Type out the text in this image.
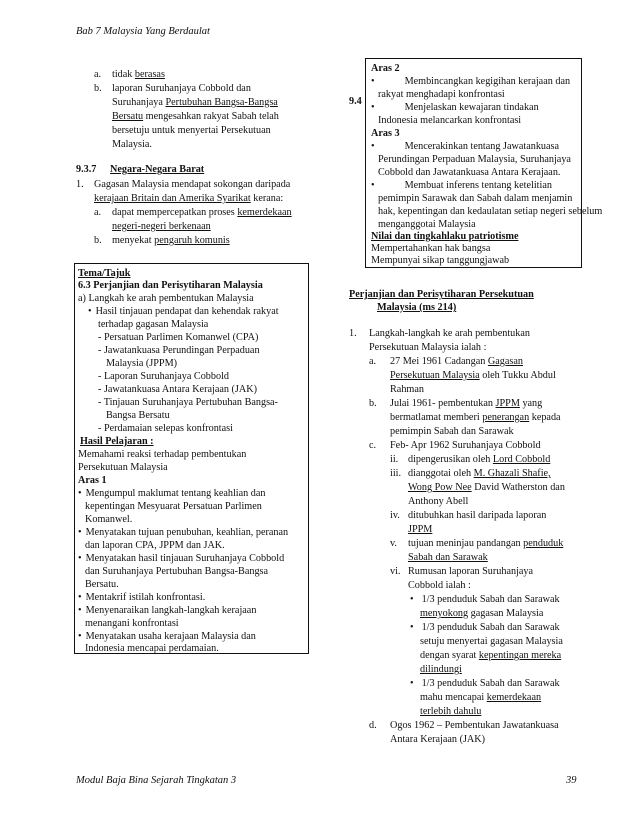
Bab 7 Malaysia Yang Berdaulat
a. tidak berasas
b. laporan Suruhanjaya Cobbold dan
Suruhanjaya Pertubuhan Bangsa-Bangsa
Bersatu mengesahkan rakyat Sabah telah
bersetuju untuk menyertai Persekutuan
Malaysia.
9.3.7 Negara-Negara Barat
1. Gagasan Malaysia mendapat sokongan daripada
kerajaan Britain dan Amerika Syarikat kerana:
a. dapat mempercepatkan proses kemerdekaan
negeri-negeri berkenaan
b. menyekat pengaruh komunis
Tema/Tajuk
6.3 Perjanjian dan Perisytiharan Malaysia
a) Langkah ke arah pembentukan Malaysia
• Hasil tinjauan pendapat dan kehendak rakyat
terhadap gagasan Malaysia
- Persatuan Parlimen Komanwel (CPA)
- Jawatankuasa Perundingan Perpaduan
Malaysia (JPPM)
- Laporan Suruhanjaya Cobbold
- Jawatankuasa Antara Kerajaan (JAK)
- Tinjauan Suruhanjaya Pertubuhan Bangsa-
Bangsa Bersatu
- Perdamaian selepas konfrontasi
Hasil Pelajaran :
Memahami reaksi terhadap pembentukan
Persekutuan Malaysia
Aras 1
• Mengumpul maklumat tentang keahlian dan
kepentingan Mesyuarat Persatuan Parlimen
Komanwel.
• Menyatakan tujuan penubuhan, keahlian, peranan
dan laporan CPA, JPPM dan JAK.
• Menyatakan hasil tinjauan Suruhanjaya Cobbold
dan Suruhanjaya Pertubuhan Bangsa-Bangsa
Bersatu.
• Mentakrif istilah konfrontasi.
• Menyenaraikan langkah-langkah kerajaan
menangani konfrontasi
• Menyatakan usaha kerajaan Malaysia dan
Indonesia mencapai perdamaian.
9.4
Aras 2
•	Membincangkan kegigihan kerajaan dan
rakyat menghadapi konfrontasi
•	Menjelaskan kewajaran tindakan
Indonesia melancarkan konfrontasi
Aras 3
•	Mencerakinkan tentang Jawatankuasa
Perundingan Perpaduan Malaysia, Suruhanjaya
Cobbold dan Jawatankuasa Antara Kerajaan.
•	Membuat inferens tentang ketelitian
pemimpin Sarawak dan Sabah dalam menjamin
hak, kepentingan dan kedaulatan setiap negeri sebelum
menganggotai Malaysia
Nilai dan tingkahlaku patriotisme
Mempertahankan hak bangsa
Mempunyai sikap tanggungjawab
Perjanjian dan Perisytiharan Persekutuan
Malaysia (ms 214)
1. Langkah-langkah ke arah pembentukan
Persekutuan Malaysia ialah :
a. 27 Mei 1961 Cadangan Gagasan
Persekutuan Malaysia oleh Tukku Abdul
Rahman
b. Julai 1961- pembentukan JPPM yang
bermatlamat memberi penerangan kepada
pemimpin Sabah dan Sarawak
c. Feb- Apr 1962 Suruhanjaya Cobbold
ii. dipengerusikan oleh Lord Cobbold
iii. dianggotai oleh M. Ghazali Shafie,
Wong Pow Nee David Watherston dan
Anthony Abell
iv. ditubuhkan hasil daripada laporan
JPPM
v. tujuan meninjau pandangan penduduk
Sabah dan Sarawak
vi. Rumusan laporan Suruhanjaya
Cobbold ialah :
• 1/3 penduduk Sabah dan Sarawak
menyokong gagasan Malaysia
• 1/3 penduduk Sabah dan Sarawak
setuju menyertai gagasan Malaysia
dengan syarat kepentingan mereka
dilindungi
• 1/3 penduduk Sabah dan Sarawak
mahu mencapai kemerdekaan
terlebih dahulu
d. Ogos 1962 – Pembentukan Jawatankuasa
Antara Kerajaan (JAK)
Modul Baja Bina Sejarah Tingkatan 3	39
